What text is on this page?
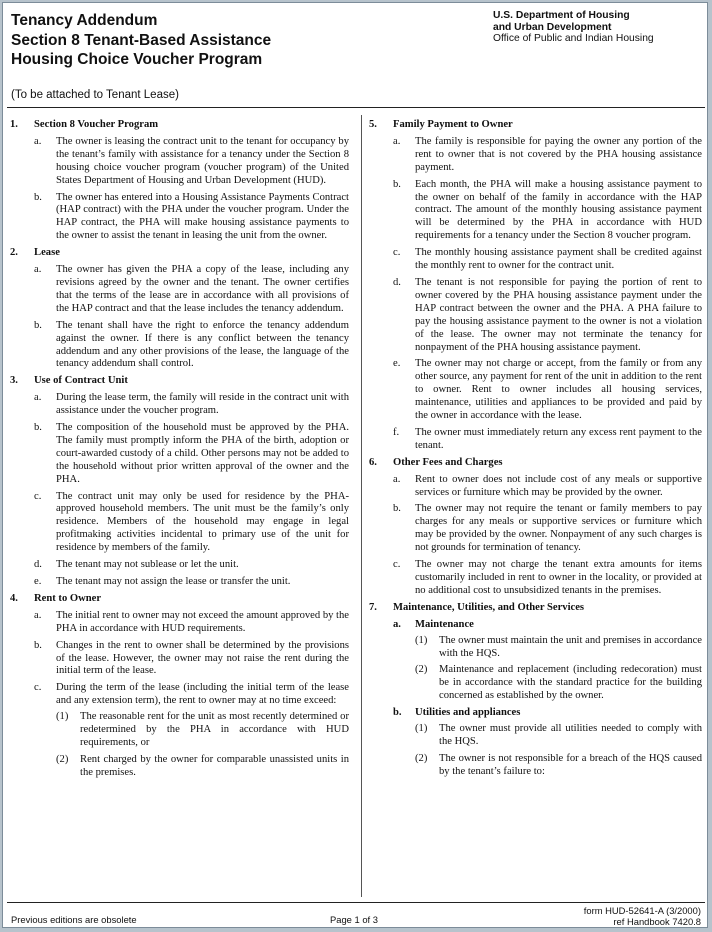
Tenancy Addendum
Section 8 Tenant-Based Assistance
Housing Choice Voucher Program
U.S. Department of Housing
and Urban Development
Office of Public and Indian Housing
(To be attached to Tenant Lease)
1. Section 8 Voucher Program
a. The owner is leasing the contract unit to the tenant for occupancy by the tenant’s family with assistance for a tenancy under the Section 8 housing choice voucher program (voucher program) of the United States Department of Housing and Urban Development (HUD).
b. The owner has entered into a Housing Assistance Payments Contract (HAP contract) with the PHA under the voucher program. Under the HAP contract, the PHA will make housing assistance payments to the owner to assist the tenant in leasing the unit from the owner.
2. Lease
a. The owner has given the PHA a copy of the lease, including any revisions agreed by the owner and the tenant. The owner certifies that the terms of the lease are in accordance with all provisions of the HAP contract and that the lease includes the tenancy addendum.
b. The tenant shall have the right to enforce the tenancy addendum against the owner. If there is any conflict between the tenancy addendum and any other provisions of the lease, the language of the tenancy addendum shall control.
3. Use of Contract Unit
a. During the lease term, the family will reside in the contract unit with assistance under the voucher program.
b. The composition of the household must be approved by the PHA. The family must promptly inform the PHA of the birth, adoption or court-awarded custody of a child. Other persons may not be added to the household without prior written approval of the owner and the PHA.
c. The contract unit may only be used for residence by the PHA-approved household members. The unit must be the family’s only residence. Members of the household may engage in legal profitmaking activities incidental to primary use of the unit for residence by members of the family.
d. The tenant may not sublease or let the unit.
e. The tenant may not assign the lease or transfer the unit.
4. Rent to Owner
a. The initial rent to owner may not exceed the amount approved by the PHA in accordance with HUD requirements.
b. Changes in the rent to owner shall be determined by the provisions of the lease. However, the owner may not raise the rent during the initial term of the lease.
c. During the term of the lease (including the initial term of the lease and any extension term), the rent to owner may at no time exceed:
(1) The reasonable rent for the unit as most recently determined or redetermined by the PHA in accordance with HUD requirements, or
(2) Rent charged by the owner for comparable unassisted units in the premises.
5. Family Payment to Owner
a. The family is responsible for paying the owner any portion of the rent to owner that is not covered by the PHA housing assistance payment.
b. Each month, the PHA will make a housing assistance payment to the owner on behalf of the family in accordance with the HAP contract. The amount of the monthly housing assistance payment will be determined by the PHA in accordance with HUD requirements for a tenancy under the Section 8 voucher program.
c. The monthly housing assistance payment shall be credited against the monthly rent to owner for the contract unit.
d. The tenant is not responsible for paying the portion of rent to owner covered by the PHA housing assistance payment under the HAP contract between the owner and the PHA. A PHA failure to pay the housing assistance payment to the owner is not a violation of the lease. The owner may not terminate the tenancy for nonpayment of the PHA housing assistance payment.
e. The owner may not charge or accept, from the family or from any other source, any payment for rent of the unit in addition to the rent to owner. Rent to owner includes all housing services, maintenance, utilities and appliances to be provided and paid by the owner in accordance with the lease.
f. The owner must immediately return any excess rent payment to the tenant.
6. Other Fees and Charges
a. Rent to owner does not include cost of any meals or supportive services or furniture which may be provided by the owner.
b. The owner may not require the tenant or family members to pay charges for any meals or supportive services or furniture which may be provided by the owner. Nonpayment of any such charges is not grounds for termination of tenancy.
c. The owner may not charge the tenant extra amounts for items customarily included in rent to owner in the locality, or provided at no additional cost to unsubsidized tenants in the premises.
7. Maintenance, Utilities, and Other Services
a. Maintenance
(1) The owner must maintain the unit and premises in accordance with the HQS.
(2) Maintenance and replacement (including redecoration) must be in accordance with the standard practice for the building concerned as established by the owner.
b. Utilities and appliances
(1) The owner must provide all utilities needed to comply with the HQS.
(2) The owner is not responsible for a breach of the HQS caused by the tenant’s failure to:
Previous editions are obsolete	Page 1 of 3
form HUD-52641-A (3/2000)
ref Handbook 7420.8
